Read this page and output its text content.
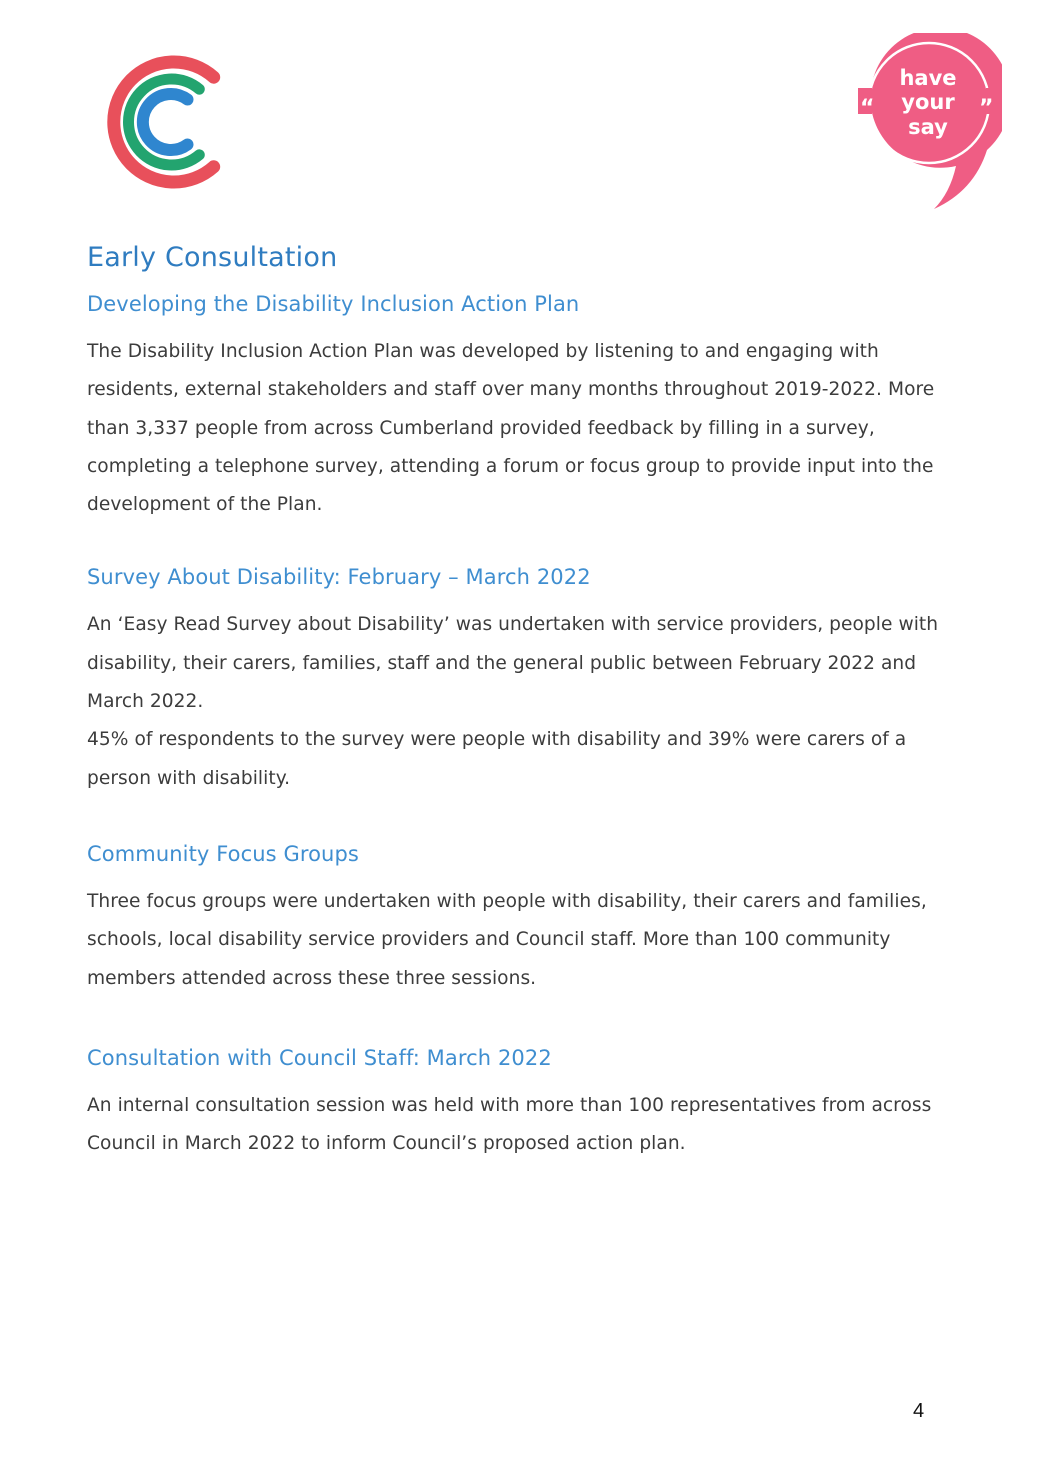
“	”
have
your
say
Early Consultation
Developing the Disability Inclusion Action Plan

The Disability Inclusion Action Plan was developed by listening to and engaging with residents, external stakeholders and staff over many months throughout 2019-2022. More than 3,337 people from across Cumberland provided feedback by filling in a survey, completing a telephone survey, attending a forum or focus group to provide input into the development of the Plan.

Survey About Disability: February – March 2022

An ‘Easy Read Survey about Disability’ was undertaken with service providers, people with disability, their carers, families, staff and the general public between February 2022 and March 2022.

45% of respondents to the survey were people with disability and 39% were carers of a person with disability.

Community Focus Groups

Three focus groups were undertaken with people with disability, their carers and families, schools, local disability service providers and Council staff. More than 100 community members attended across these three sessions.

Consultation with Council Staff: March 2022

An internal consultation session was held with more than 100 representatives from across Council in March 2022 to inform Council’s proposed action plan.

4
